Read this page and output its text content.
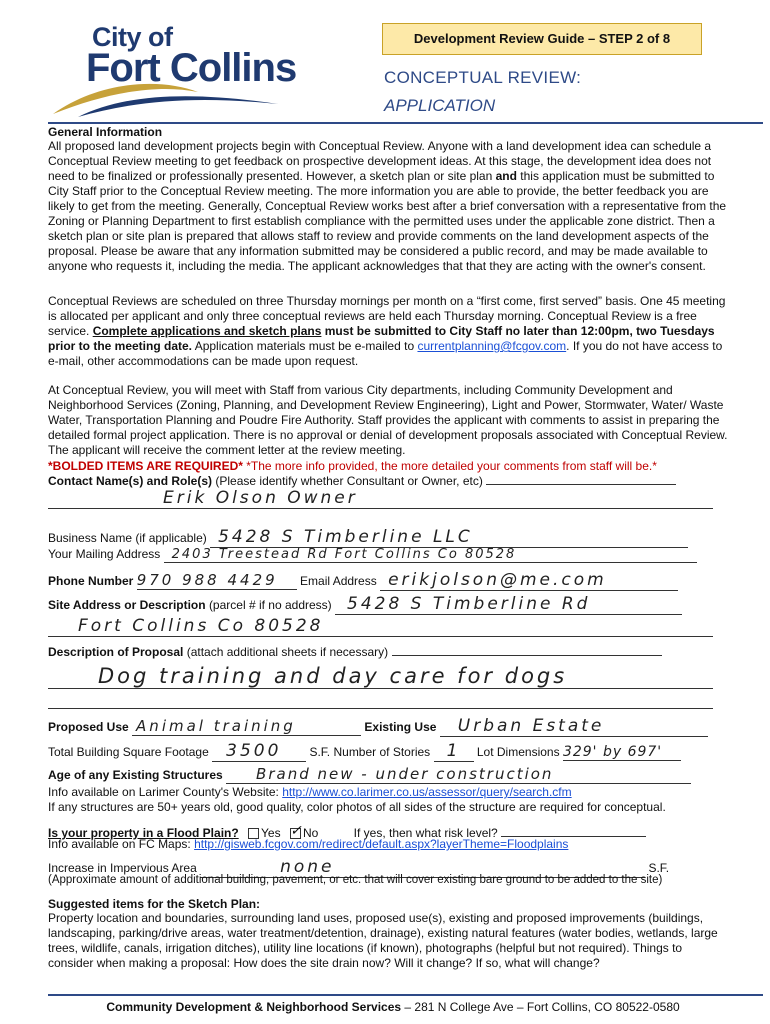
City of
Fort Collins
Development Review Guide – STEP 2 of 8
CONCEPTUAL REVIEW:
APPLICATION
General Information
All proposed land development projects begin with Conceptual Review. Anyone with a land development idea can schedule a Conceptual Review meeting to get feedback on prospective development ideas. At this stage, the development idea does not need to be finalized or professionally presented. However, a sketch plan or site plan and this application must be submitted to City Staff prior to the Conceptual Review meeting. The more information you are able to provide, the better feedback you are likely to get from the meeting. Generally, Conceptual Review works best after a brief conversation with a representative from the Zoning or Planning Department to first establish compliance with the permitted uses under the applicable zone district. Then a sketch plan or site plan is prepared that allows staff to review and provide comments on the land development aspects of the proposal. Please be aware that any information submitted may be considered a public record, and may be made available to anyone who requests it, including the media. The applicant acknowledges that that they are acting with the owner's consent.
Conceptual Reviews are scheduled on three Thursday mornings per month on a “first come, first served” basis. One 45 meeting is allocated per applicant and only three conceptual reviews are held each Thursday morning. Conceptual Review is a free service. Complete applications and sketch plans must be submitted to City Staff no later than 12:00pm, two Tuesdays prior to the meeting date. Application materials must be e-mailed to currentplanning@fcgov.com. If you do not have access to e-mail, other accommodations can be made upon request.
At Conceptual Review, you will meet with Staff from various City departments, including Community Development and Neighborhood Services (Zoning, Planning, and Development Review Engineering), Light and Power, Stormwater, Water/ Waste Water, Transportation Planning and Poudre Fire Authority. Staff provides the applicant with comments to assist in preparing the detailed formal project application. There is no approval or denial of development proposals associated with Conceptual Review. The applicant will receive the comment letter at the review meeting.
*BOLDED ITEMS ARE REQUIRED* *The more info provided, the more detailed your comments from staff will be.*
Contact Name(s) and Role(s) (Please identify whether Consultant or Owner, etc)
Erik Olson Owner
Business Name (if applicable) 5428 S Timberline LLC
Your Mailing Address 2403 Treestead Rd Fort Collins Co 80528
Phone Number 970 988 4429 Email Address erikjolson@me.com
Site Address or Description (parcel # if no address) 5428 S Timberline Rd
Fort Collins Co 80528
Description of Proposal (attach additional sheets if necessary)
Dog training and day care for dogs
Proposed Use Animal training	Existing Use Urban Estate
Total Building Square Footage 3500 S.F. Number of Stories 1 Lot Dimensions 329' by 697'
Age of any Existing Structures Brand new - under construction
Info available on Larimer County's Website: http://www.co.larimer.co.us/assessor/query/search.cfm
If any structures are 50+ years old, good quality, color photos of all sides of the structure are required for conceptual.
Is your property in a Flood Plain? Yes ✓ No	If yes, then what risk level?
Info available on FC Maps: http://gisweb.fcgov.com/redirect/default.aspx?layerTheme=Floodplains
Increase in Impervious Area	none	S.F.
(Approximate amount of additional building, pavement, or etc. that will cover existing bare ground to be added to the site)
Suggested items for the Sketch Plan:
Property location and boundaries, surrounding land uses, proposed use(s), existing and proposed improvements (buildings, landscaping, parking/drive areas, water treatment/detention, drainage), existing natural features (water bodies, wetlands, large trees, wildlife, canals, irrigation ditches), utility line locations (if known), photographs (helpful but not required). Things to consider when making a proposal: How does the site drain now? Will it change? If so, what will change?
Community Development & Neighborhood Services – 281 N College Ave – Fort Collins, CO 80522-0580
